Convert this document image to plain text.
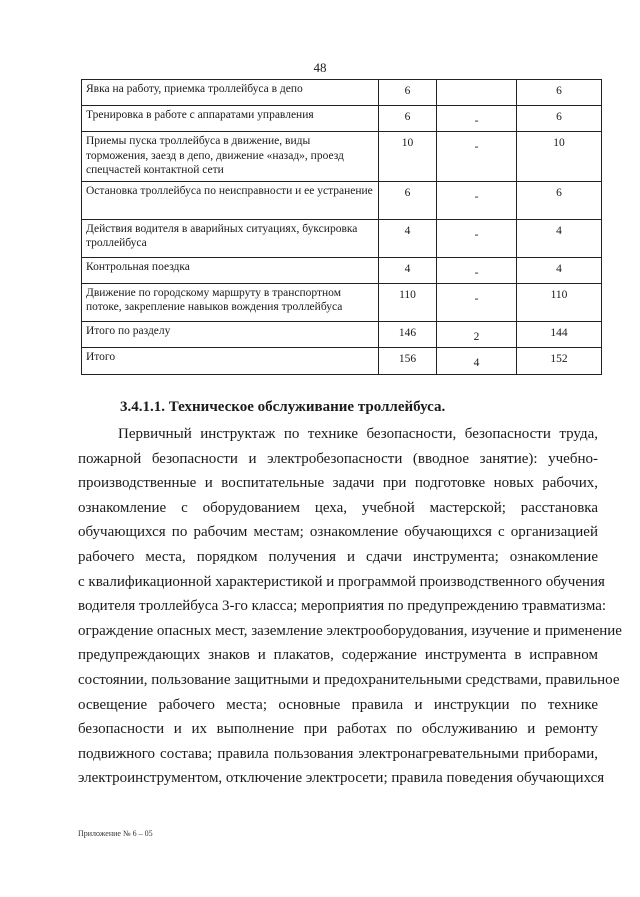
48
Явка на работу, приемка троллейбуса в депо	6		6
Тренировка в работе с аппаратами управления	6	-	6
Приемы пуска троллейбуса в движение, виды торможения, заезд в депо, движение «назад», проезд спецчастей контактной сети	10	-	10
Остановка троллейбуса по неисправности и ее устранение	6	-	6
Действия водителя в аварийных ситуациях, буксировка троллейбуса	4	-	4
Контрольная поездка	4	-	4
Движение по городскому маршруту в транспортном потоке, закрепление навыков вождения троллейбуса	110	-	110
Итого по разделу	146	2	144
Итого	156	4	152
3.4.1.1. Техническое обслуживание троллейбуса.
Первичный инструктаж по технике безопасности, безопасности труда,
пожарной безопасности и электробезопасности (вводное занятие): учебно-
производственные и воспитательные задачи при подготовке новых рабочих,
ознакомление с оборудованием цеха, учебной мастерской; расстановка
обучающихся по рабочим местам; ознакомление обучающихся с организацией
рабочего места, порядком получения и сдачи инструмента; ознакомление
с квалификационной характеристикой и программой производственного обучения
водителя троллейбуса 3-го класса; мероприятия по предупреждению травматизма:
ограждение опасных мест, заземление электрооборудования, изучение и применение
предупреждающих знаков и плакатов, содержание инструмента в исправном
состоянии, пользование защитными и предохранительными средствами, правильное
освещение рабочего места; основные правила и инструкции по технике
безопасности и их выполнение при работах по обслуживанию и ремонту
подвижного состава; правила пользования электронагревательными приборами,
электроинструментом, отключение электросети; правила поведения обучающихся
Приложение № 6 – 05
